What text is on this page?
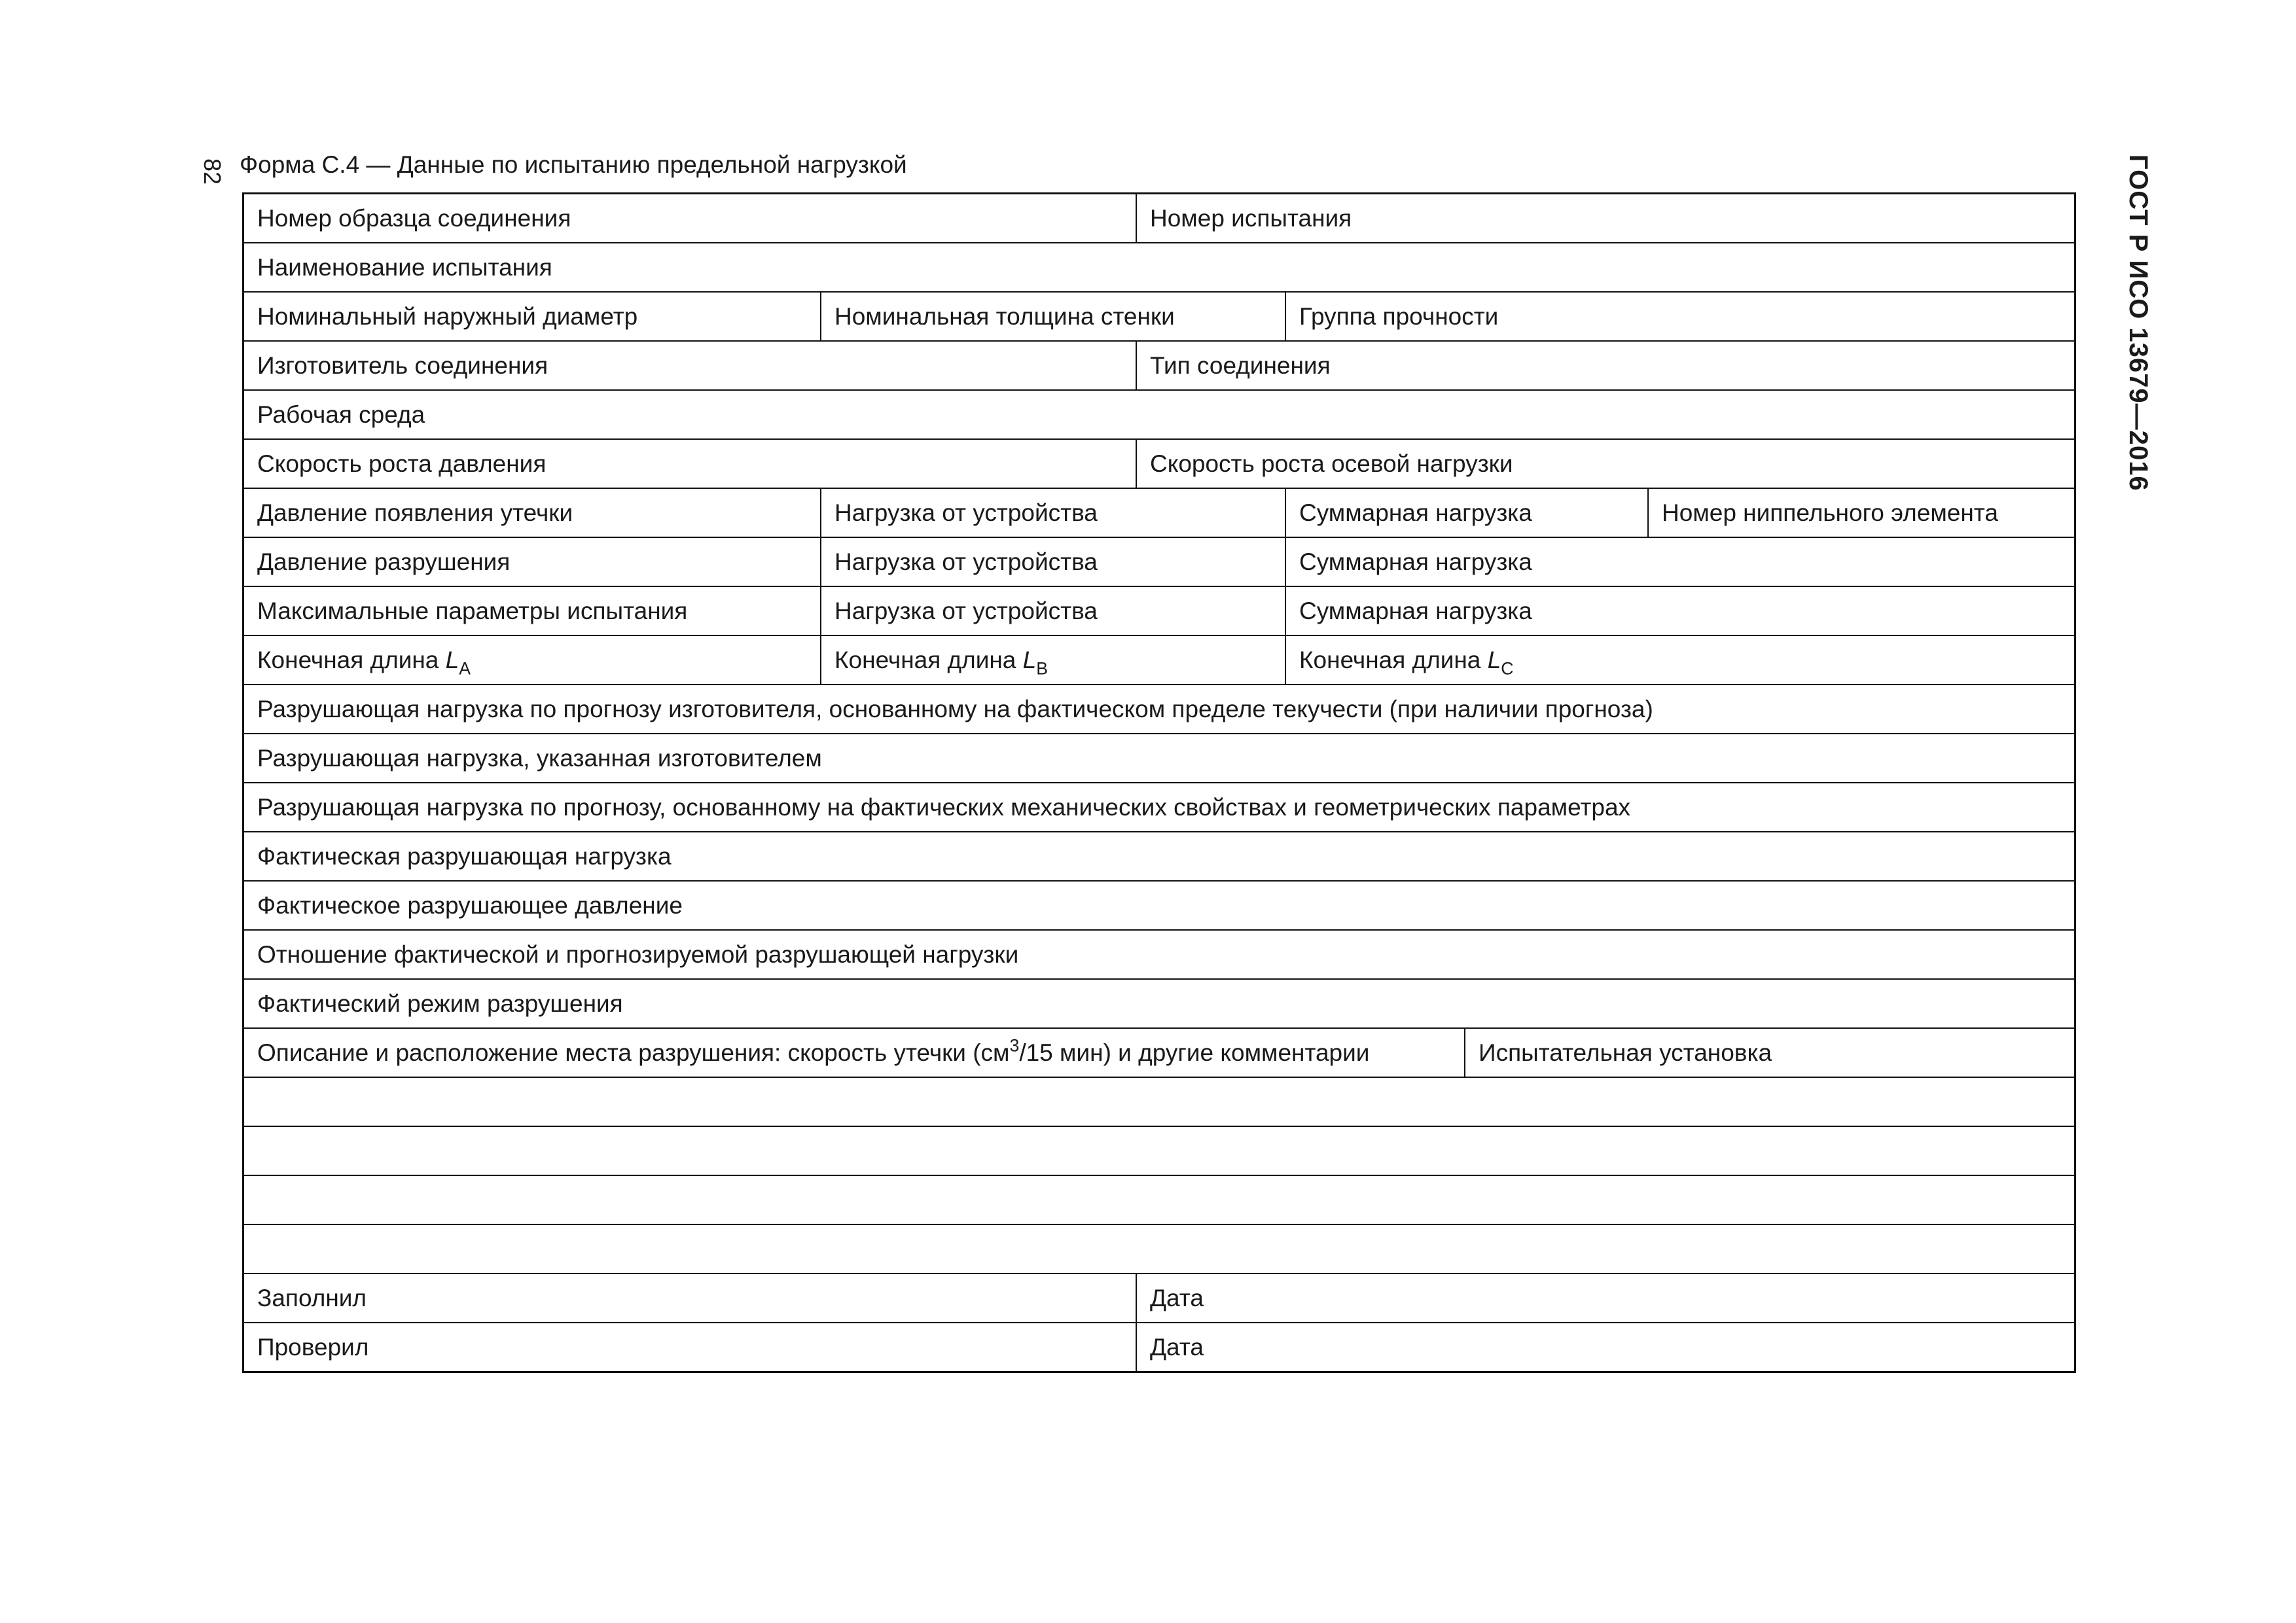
82 Форма С.4 — Данные по испытанию предельной нагрузкой	ГОСТ Р ИСО 13679—2016
Номер образца соединения	Номер испытания
Наименование испытания
Номинальный наружный диаметр	Номинальная толщина стенки	Группа прочности
Изготовитель соединения	Тип соединения
Рабочая среда
Скорость роста давления	Скорость роста осевой нагрузки
Давление появления утечки	Нагрузка от устройства	Суммарная нагрузка	Номер ниппельного элемента
Давление разрушения	Нагрузка от устройства	Суммарная нагрузка
Максимальные параметры испытания	Нагрузка от устройства	Суммарная нагрузка
Конечная длина $L_A$	Конечная длина $L_B$	Конечная длина $L_C$
Разрушающая нагрузка по прогнозу изготовителя, основанному на фактическом пределе текучести (при наличии прогноза)
Разрушающая нагрузка, указанная изготовителем
Разрушающая нагрузка по прогнозу, основанному на фактических механических свойствах и геометрических параметрах
Фактическая разрушающая нагрузка
Фактическое разрушающее давление
Отношение фактической и прогнозируемой разрушающей нагрузки
Фактический режим разрушения
Описание и расположение места разрушения: скорость утечки ($см^3/15$ мин) и другие комментарии	Испытательная установка
Заполнил	Дата
Проверил	Дата
